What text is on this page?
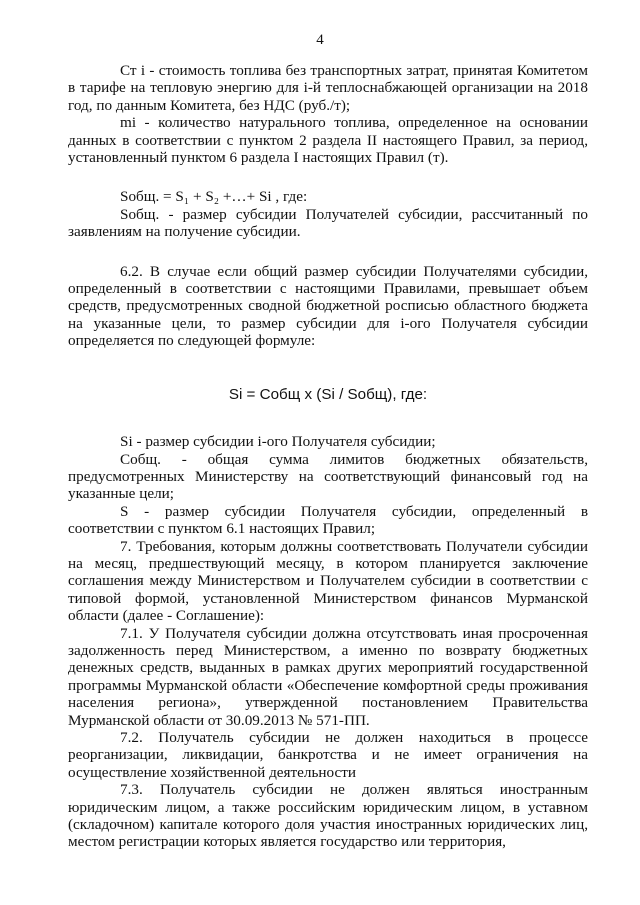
4

Ст i - стоимость топлива без транспортных затрат, принятая Комитетом в тарифе на тепловую энергию для i-й теплоснабжающей организации на 2018 год, по данным Комитета, без НДС (руб./т);

mi - количество натурального топлива, определенное на основании данных в соответствии с пунктом 2 раздела II настоящего Правил, за период, установленный пунктом 6 раздела I настоящих Правил (т).

Sобщ. = S₁ + S₂ +…+ Si , где:

Sобщ. - размер субсидии Получателей субсидии, рассчитанный по заявлениям на получение субсидии.

6.2. В случае если общий размер субсидии Получателями субсидии, определенный в соответствии с настоящими Правилами, превышает объем средств, предусмотренных сводной бюджетной росписью областного бюджета на указанные цели, то размер субсидии для i-ого Получателя субсидии определяется по следующей формуле:

Si = Собщ x (Si / Sобщ), где:

Si - размер субсидии i-ого Получателя субсидии;

Собщ. - общая сумма лимитов бюджетных обязательств, предусмотренных Министерству на соответствующий финансовый год на указанные цели;

S - размер субсидии Получателя субсидии, определенный в соответствии с пунктом 6.1 настоящих Правил;

7. Требования, которым должны соответствовать Получатели субсидии на месяц, предшествующий месяцу, в котором планируется заключение соглашения между Министерством и Получателем субсидии в соответствии с типовой формой, установленной Министерством финансов Мурманской области (далее - Соглашение):

7.1. У Получателя субсидии должна отсутствовать иная просроченная задолженность перед Министерством, а именно по возврату бюджетных денежных средств, выданных в рамках других мероприятий государственной программы Мурманской области «Обеспечение комфортной среды проживания населения региона», утвержденной постановлением Правительства Мурманской области от 30.09.2013 № 571-ПП.

7.2. Получатель субсидии не должен находиться в процессе реорганизации, ликвидации, банкротства и не имеет ограничения на осуществление хозяйственной деятельности

7.3. Получатель субсидии не должен являться иностранным юридическим лицом, а также российским юридическим лицом, в уставном (складочном) капитале которого доля участия иностранных юридических лиц, местом регистрации которых является государство или территория,
